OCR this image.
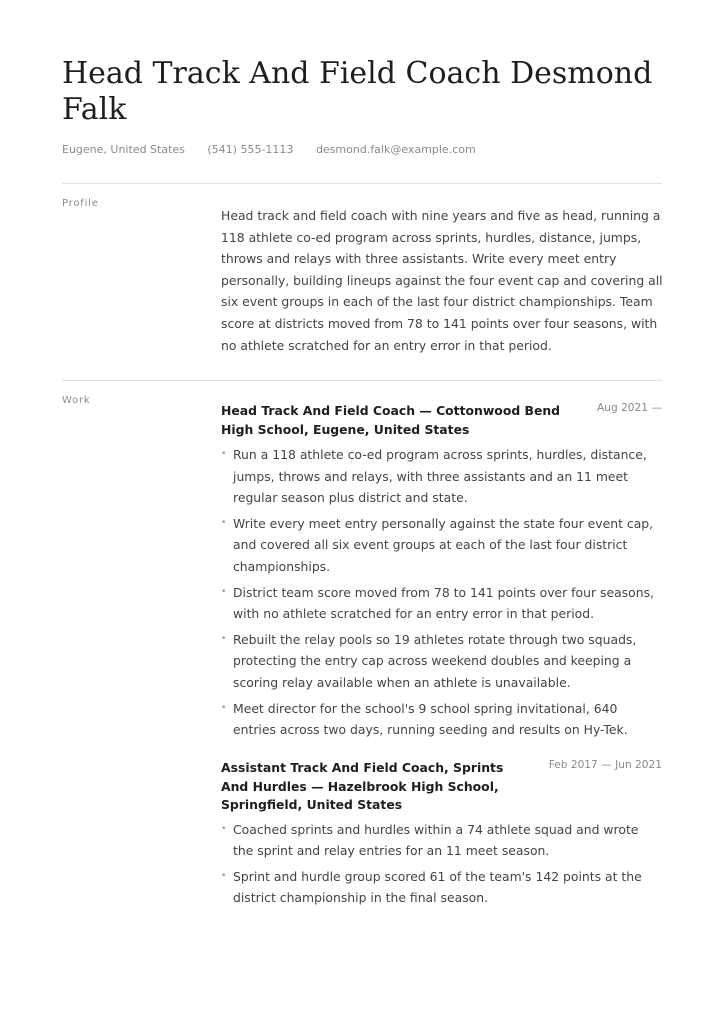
Head Track And Field Coach Desmond Falk
Eugene, United States (541) 555-1113 desmond.falk@example.com
Profile

Head track and field coach with nine years and five as head, running a 118 athlete co-ed program across sprints, hurdles, distance, jumps, throws and relays with three assistants. Write every meet entry personally, building lineups against the four event cap and covering all six event groups in each of the last four district championships. Team score at districts moved from 78 to 141 points over four seasons, with no athlete scratched for an entry error in that period.

Work
Head Track And Field Coach — Cottonwood Bend High School, Eugene, United States
Aug 2021 —
• Run a 118 athlete co-ed program across sprints, hurdles, distance, jumps, throws and relays, with three assistants and an 11 meet regular season plus district and state.
• Write every meet entry personally against the state four event cap, and covered all six event groups at each of the last four district championships.
• District team score moved from 78 to 141 points over four seasons, with no athlete scratched for an entry error in that period.
• Rebuilt the relay pools so 19 athletes rotate through two squads, protecting the entry cap across weekend doubles and keeping a scoring relay available when an athlete is unavailable.
• Meet director for the school's 9 school spring invitational, 640 entries across two days, running seeding and results on Hy-Tek.
Assistant Track And Field Coach, Sprints And Hurdles — Hazelbrook High School, Springfield, United States
Feb 2017 — Jun 2021
• Coached sprints and hurdles within a 74 athlete squad and wrote the sprint and relay entries for an 11 meet season.
• Sprint and hurdle group scored 61 of the team's 142 points at the district championship in the final season.
